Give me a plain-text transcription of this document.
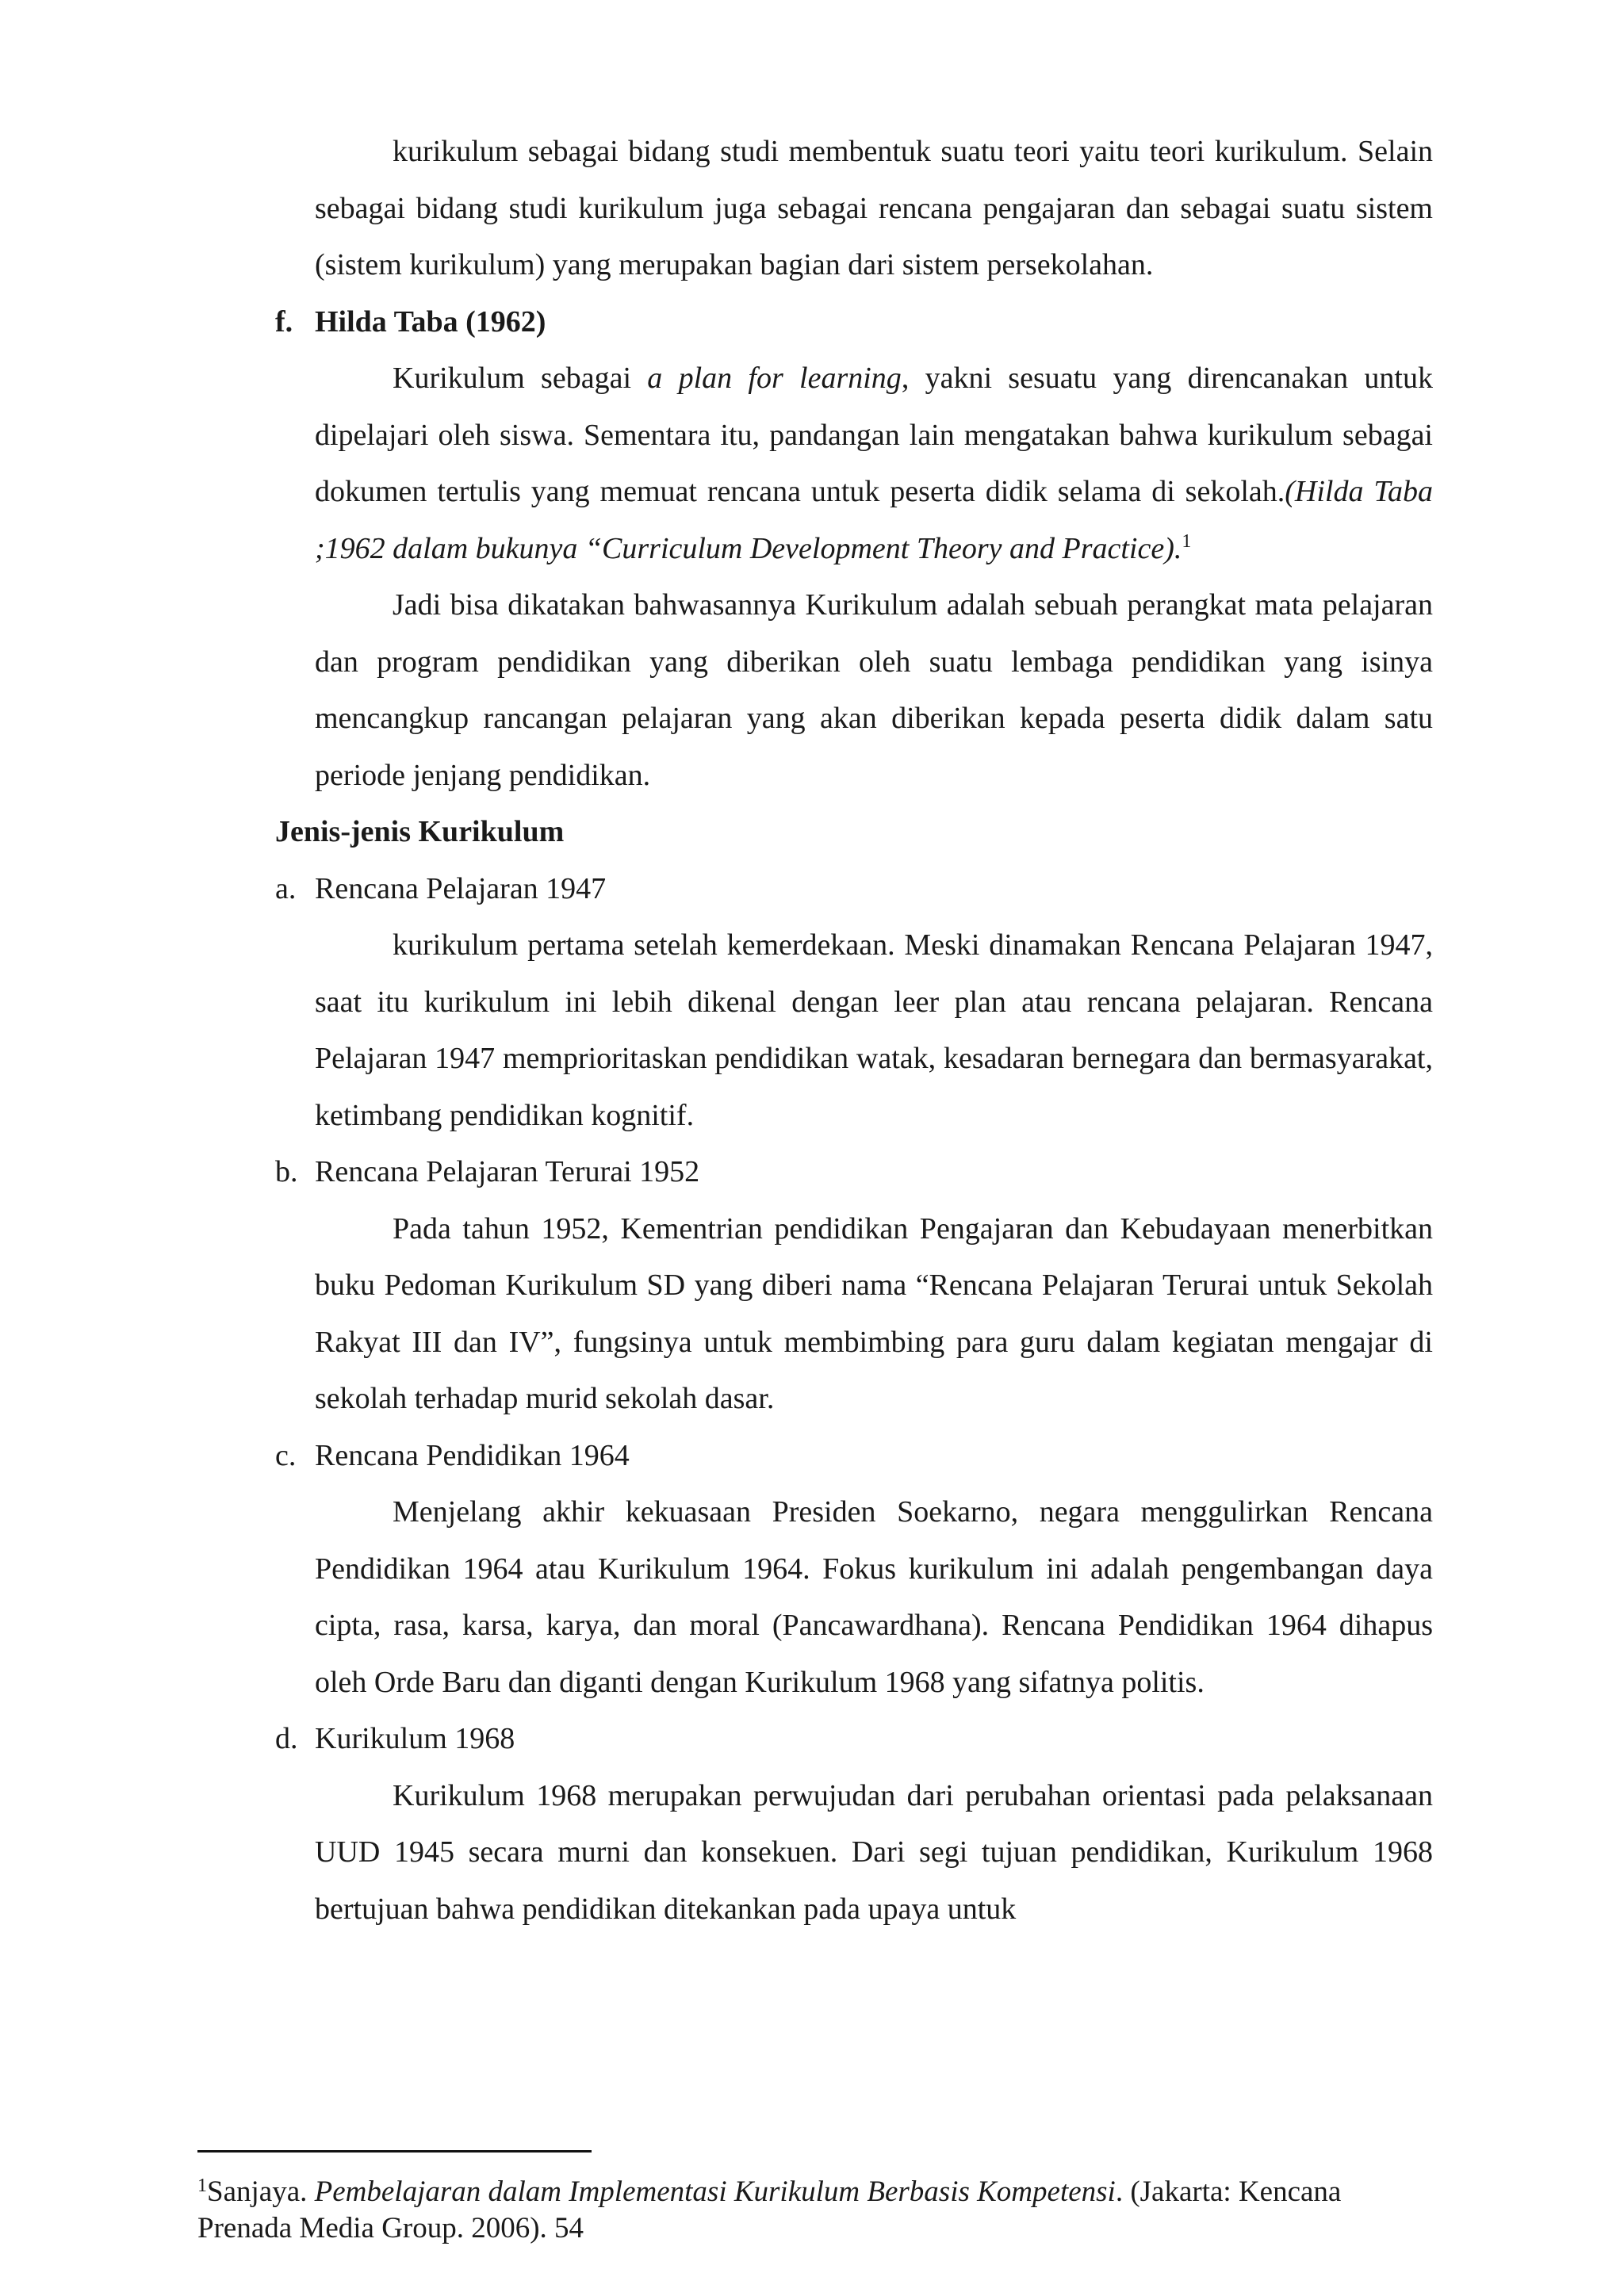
kurikulum sebagai bidang studi membentuk suatu teori yaitu teori kurikulum. Selain sebagai bidang studi kurikulum juga sebagai rencana pengajaran dan sebagai suatu sistem (sistem kurikulum) yang merupakan bagian dari sistem persekolahan.

f. Hilda Taba (1962)

Kurikulum sebagai a plan for learning, yakni sesuatu yang direncanakan untuk dipelajari oleh siswa. Sementara itu, pandangan lain mengatakan bahwa kurikulum sebagai dokumen tertulis yang memuat rencana untuk peserta didik selama di sekolah.(Hilda Taba ;1962 dalam bukunya “Curriculum Development Theory and Practice).$^1$

Jadi bisa dikatakan bahwasannya Kurikulum adalah sebuah perangkat mata pelajaran dan program pendidikan yang diberikan oleh suatu lembaga pendidikan yang isinya mencangkup rancangan pelajaran yang akan diberikan kepada peserta didik dalam satu periode jenjang pendidikan.

Jenis-jenis Kurikulum
a. Rencana Pelajaran 1947

kurikulum pertama setelah kemerdekaan. Meski dinamakan Rencana Pelajaran 1947, saat itu kurikulum ini lebih dikenal dengan leer plan atau rencana pelajaran. Rencana Pelajaran 1947 memprioritaskan pendidikan watak, kesadaran bernegara dan bermasyarakat, ketimbang pendidikan kognitif.

b. Rencana Pelajaran Terurai 1952

Pada tahun 1952, Kementrian pendidikan Pengajaran dan Kebudayaan menerbitkan buku Pedoman Kurikulum SD yang diberi nama “Rencana Pelajaran Terurai untuk Sekolah Rakyat III dan IV”, fungsinya untuk membimbing para guru dalam kegiatan mengajar di sekolah terhadap murid sekolah dasar.

c. Rencana Pendidikan 1964

Menjelang akhir kekuasaan Presiden Soekarno, negara menggulirkan Rencana Pendidikan 1964 atau Kurikulum 1964. Fokus kurikulum ini adalah pengembangan daya cipta, rasa, karsa, karya, dan moral (Pancawardhana). Rencana Pendidikan 1964 dihapus oleh Orde Baru dan diganti dengan Kurikulum 1968 yang sifatnya politis.

d. Kurikulum 1968

Kurikulum 1968 merupakan perwujudan dari perubahan orientasi pada pelaksanaan UUD 1945 secara murni dan konsekuen. Dari segi tujuan pendidikan, Kurikulum 1968 bertujuan bahwa pendidikan ditekankan pada upaya untuk

$^1$Sanjaya. Pembelajaran dalam Implementasi Kurikulum Berbasis Kompetensi. (Jakarta: Kencana Prenada Media Group. 2006). 54
